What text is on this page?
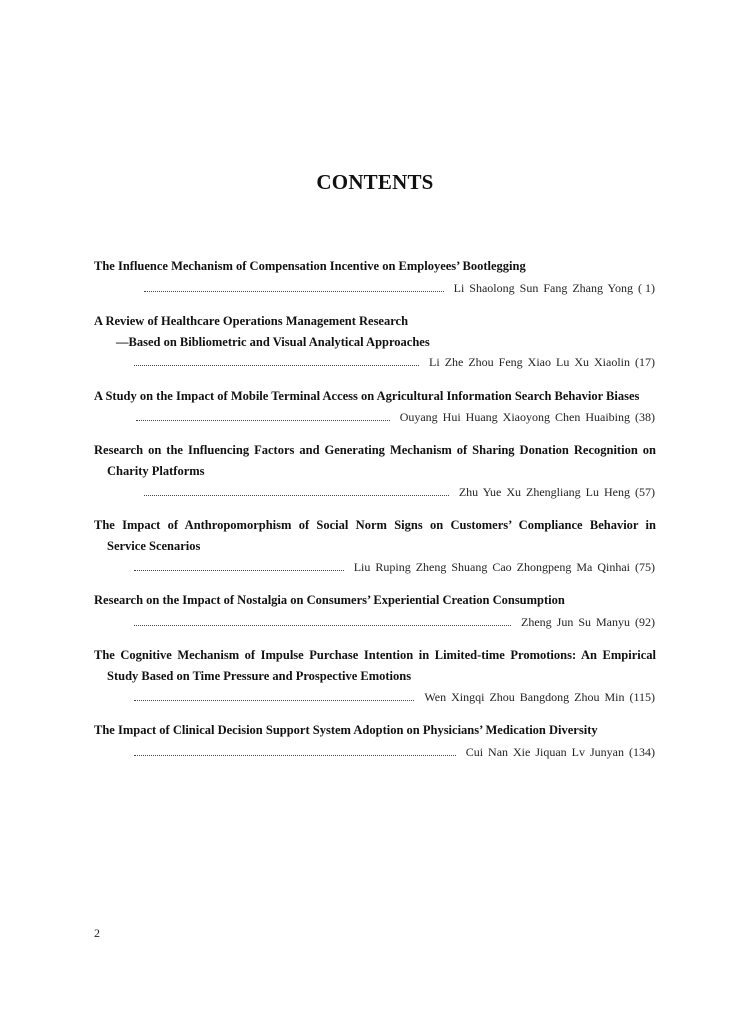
CONTENTS
The Influence Mechanism of Compensation Incentive on Employees’ Bootlegging
Li Shaolong Sun Fang Zhang Yong ( 1)
A Review of Healthcare Operations Management Research
—Based on Bibliometric and Visual Analytical Approaches
Li Zhe Zhou Feng Xiao Lu Xu Xiaolin (17)
A Study on the Impact of Mobile Terminal Access on Agricultural Information Search Behavior Biases
Ouyang Hui Huang Xiaoyong Chen Huaibing (38)
Research on the Influencing Factors and Generating Mechanism of Sharing Donation Recognition on
Charity Platforms
Zhu Yue Xu Zhengliang Lu Heng (57)
The Impact of Anthropomorphism of Social Norm Signs on Customers’ Compliance Behavior in
Service Scenarios
Liu Ruping Zheng Shuang Cao Zhongpeng Ma Qinhai (75)
Research on the Impact of Nostalgia on Consumers’ Experiential Creation Consumption
Zheng Jun Su Manyu (92)
The Cognitive Mechanism of Impulse Purchase Intention in Limited-time Promotions: An Empirical
Study Based on Time Pressure and Prospective Emotions
Wen Xingqi Zhou Bangdong Zhou Min (115)
The Impact of Clinical Decision Support System Adoption on Physicians’ Medication Diversity
Cui Nan Xie Jiquan Lv Junyan (134)
2
